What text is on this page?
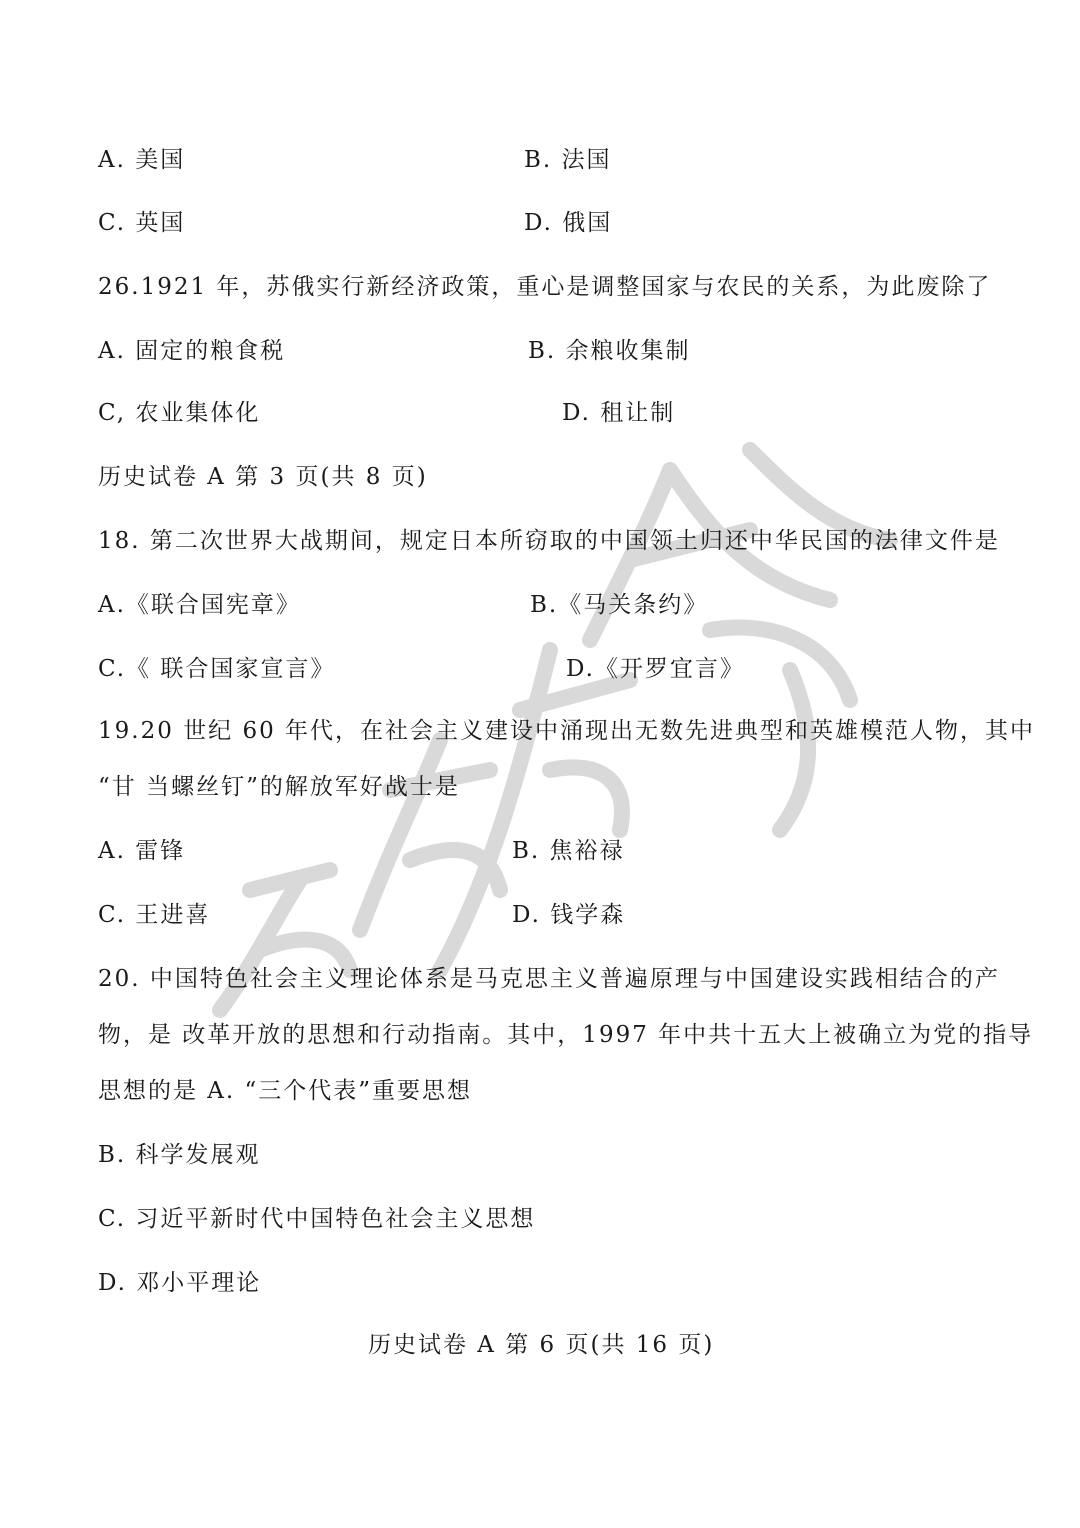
A. 美国	B. 法国
C. 英国	D. 俄国
26.1921 年，苏俄实行新经济政策，重心是调整国家与农民的关系，为此废除了
A. 固定的粮食税	B. 余粮收集制
C, 农业集体化	D. 租让制
历史试卷 A 第 3 页(共 8 页)
18. 第二次世界大战期间，规定日本所窃取的中国领土归还中华民国的法律文件是
A.《联合国宪章》	B.《马关条约》
C.《 联合国家宣言》	D.《开罗宜言》
19.20 世纪 60 年代，在社会主义建设中涌现出无数先进典型和英雄模范人物，其中
“甘 当螺丝钉”的解放军好战士是
A. 雷锋	B. 焦裕禄
C. 王进喜	D. 钱学森
20. 中国特色社会主义理论体系是马克思主义普遍原理与中国建设实践相结合的产
物，是 改革开放的思想和行动指南。其中，1997 年中共十五大上被确立为党的指导
思想的是 A. “三个代表”重要思想
B. 科学发展观
C. 习近平新时代中国特色社会主义思想
D. 邓小平理论
历史试卷 A 第 6 页(共 16 页)
